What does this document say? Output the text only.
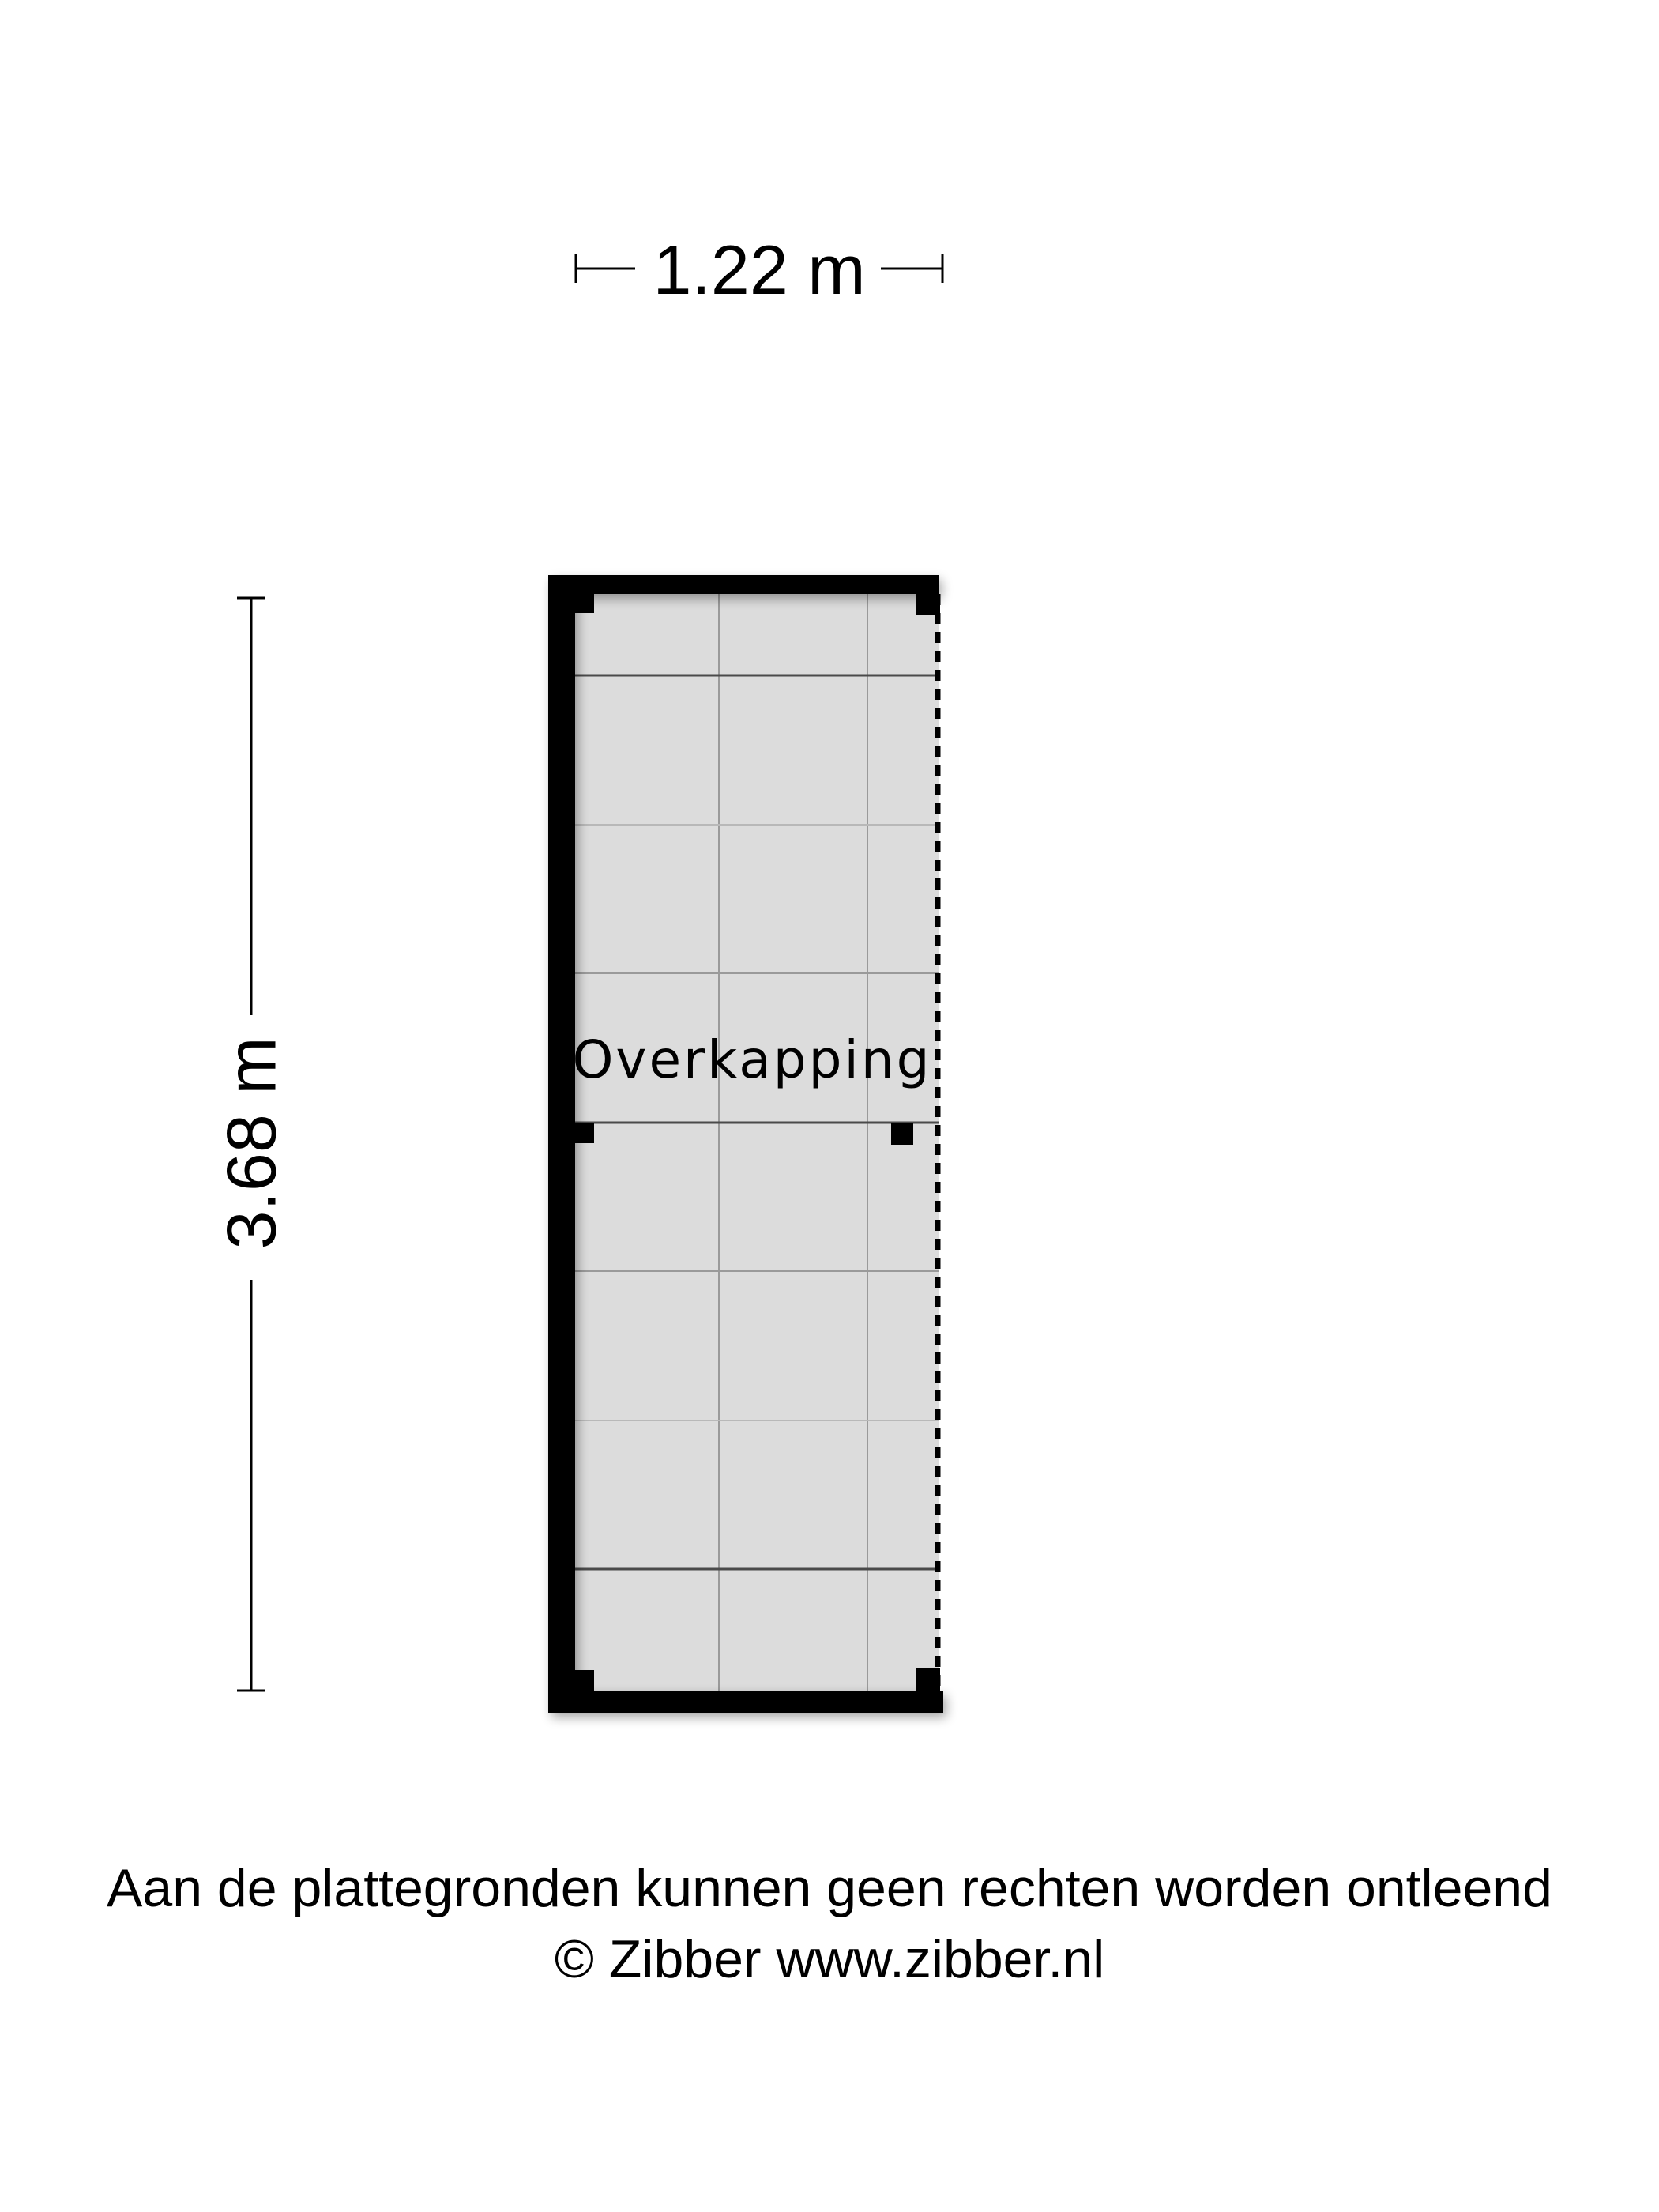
1.22 m
3.68 m	Overkapping
Aan de plattegronden kunnen geen rechten worden ontleend
© Zibber www.zibber.nl
